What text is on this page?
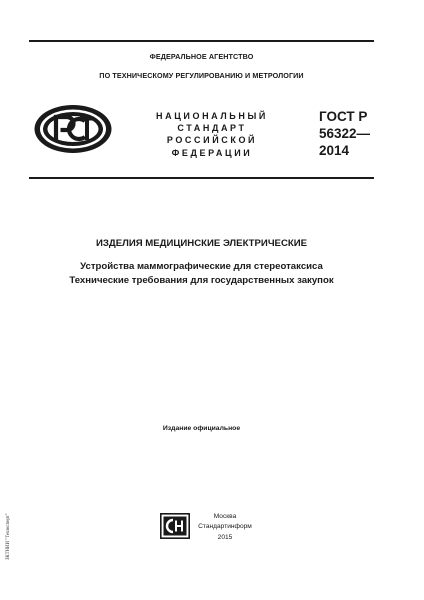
ФЕДЕРАЛЬНОЕ АГЕНТСТВО
ПО ТЕХНИЧЕСКОМУ РЕГУЛИРОВАНИЮ И МЕТРОЛОГИИ
НАЦИОНАЛЬНЫЙ
СТАНДАРТ
РОССИЙСКОЙ
ФЕДЕРАЦИИ
ГОСТ Р
56322—
2014
ИЗДЕЛИЯ МЕДИЦИНСКИЕ ЭЛЕКТРИЧЕСКИЕ
Устройства маммографические для стереотаксиса
Технические требования для государственных закупок
Издание официальное
Москва
Стандартинформ
2015
ЗКТНИИ "Техэксперт"
